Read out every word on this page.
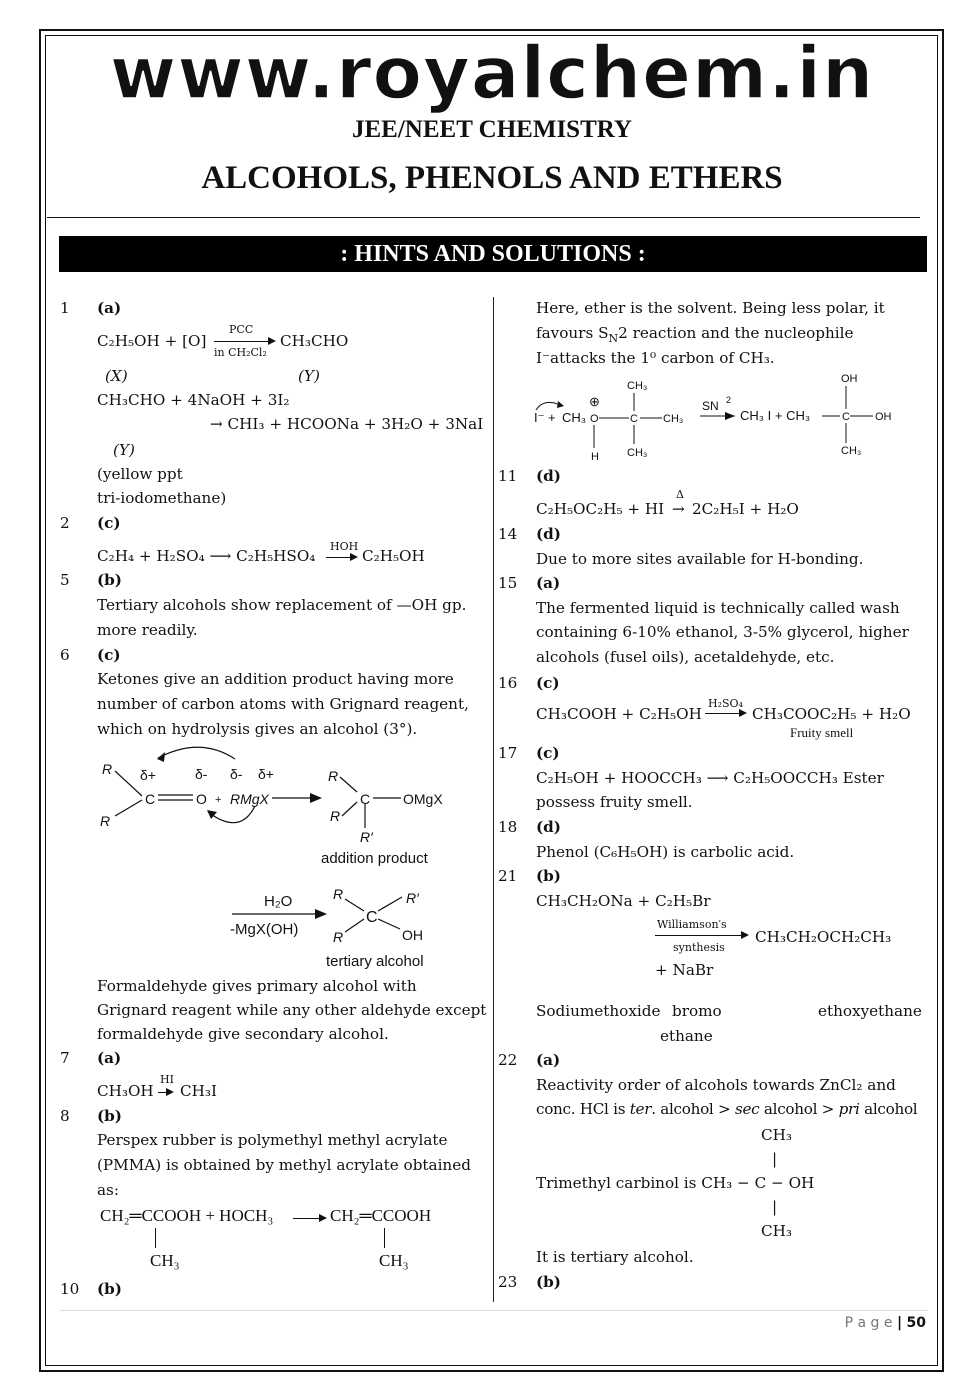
www.royalchem.in
JEE/NEET CHEMISTRY
ALCOHOLS, PHENOLS AND ETHERS
: HINTS AND SOLUTIONS :
1 (a)
C₂H₅OH + [O]
PCC
in CH₂Cl₂
CH₃CHO
(X)	(Y)
CH₃CHO + 4NaOH + 3I₂
→ CHI₃ + HCOONa + 3H₂O + 3NaI
(Y)
(yellow ppt
tri-iodomethane)
2 (c)
C₂H₄ + H₂SO₄ ⟶ C₂H₅HSO₄
HOH
C₂H₅OH
5 (b)
Tertiary alcohols show replacement of —OH gp.
more readily.
6 (c)
Ketones give an addition product having more
number of carbon atoms with Grignard reagent,
which on hydrolysis gives an alcohol (3°).
R
R
δ+	δ- δ- δ+
C	O + RMgX
R
R
C OMgX
R′
addition product
H₂O
-MgX(OH)
R	R′
C
R	OH
tertiary alcohol
Formaldehyde gives primary alcohol with
Grignard reagent while any other aldehyde except
formaldehyde give secondary alcohol.
7 (a)
CH₃OH
HI
CH₃I
8 (b)
Perspex rubber is polymethyl methyl acrylate
(PMMA) is obtained by methyl acrylate obtained
as:
CH₂═CCOOH + HOCH₃	CH₂═CCOOH
CH₃	CH₃
10 (b)
Here, ether is the solvent. Being less polar, it
favours $S_N2$ reaction and the nucleophile
I⁻attacks the 1⁰ carbon of CH₃.
I⁻ + CH₃
⊕
O
H
C
CH₃
CH₃
CH₃
SN 2
CH₃ I + CH₃	C
OH
OH
CH₃
11 (d)
C₂H₅OC₂H₅ + HI
Δ
→ 2C₂H₅I + H₂O
14 (d)
Due to more sites available for H-bonding.
15 (a)
The fermented liquid is technically called wash
containing 6-10% ethanol, 3-5% glycerol, higher
alcohols (fusel oils), acetaldehyde, etc.
16 (c)
CH₃COOH + C₂H₅OH
H₂SO₄
CH₃COOC₂H₅ + H₂O
Fruity smell
17 (c)
C₂H₅OH + HOOCCH₃ ⟶ C₂H₅OOCCH₃ Ester
possess fruity smell.
18 (d)
Phenol (C₆H₅OH) is carbolic acid.
21 (b)
CH₃CH₂ONa + C₂H₅Br
Williamson′s
synthesis
CH₃CH₂OCH₂CH₃
+ NaBr
Sodiumethoxide bromo	ethoxyethane
ethane
22 (a)
Reactivity order of alcohols towards ZnCl₂ and
conc. HCl is ter. alcohol > sec alcohol > pri alcohol
CH₃
|
Trimethyl carbinol is CH₃ − C − OH
|
CH₃
It is tertiary alcohol.
23 (b)
P a g e | 50
